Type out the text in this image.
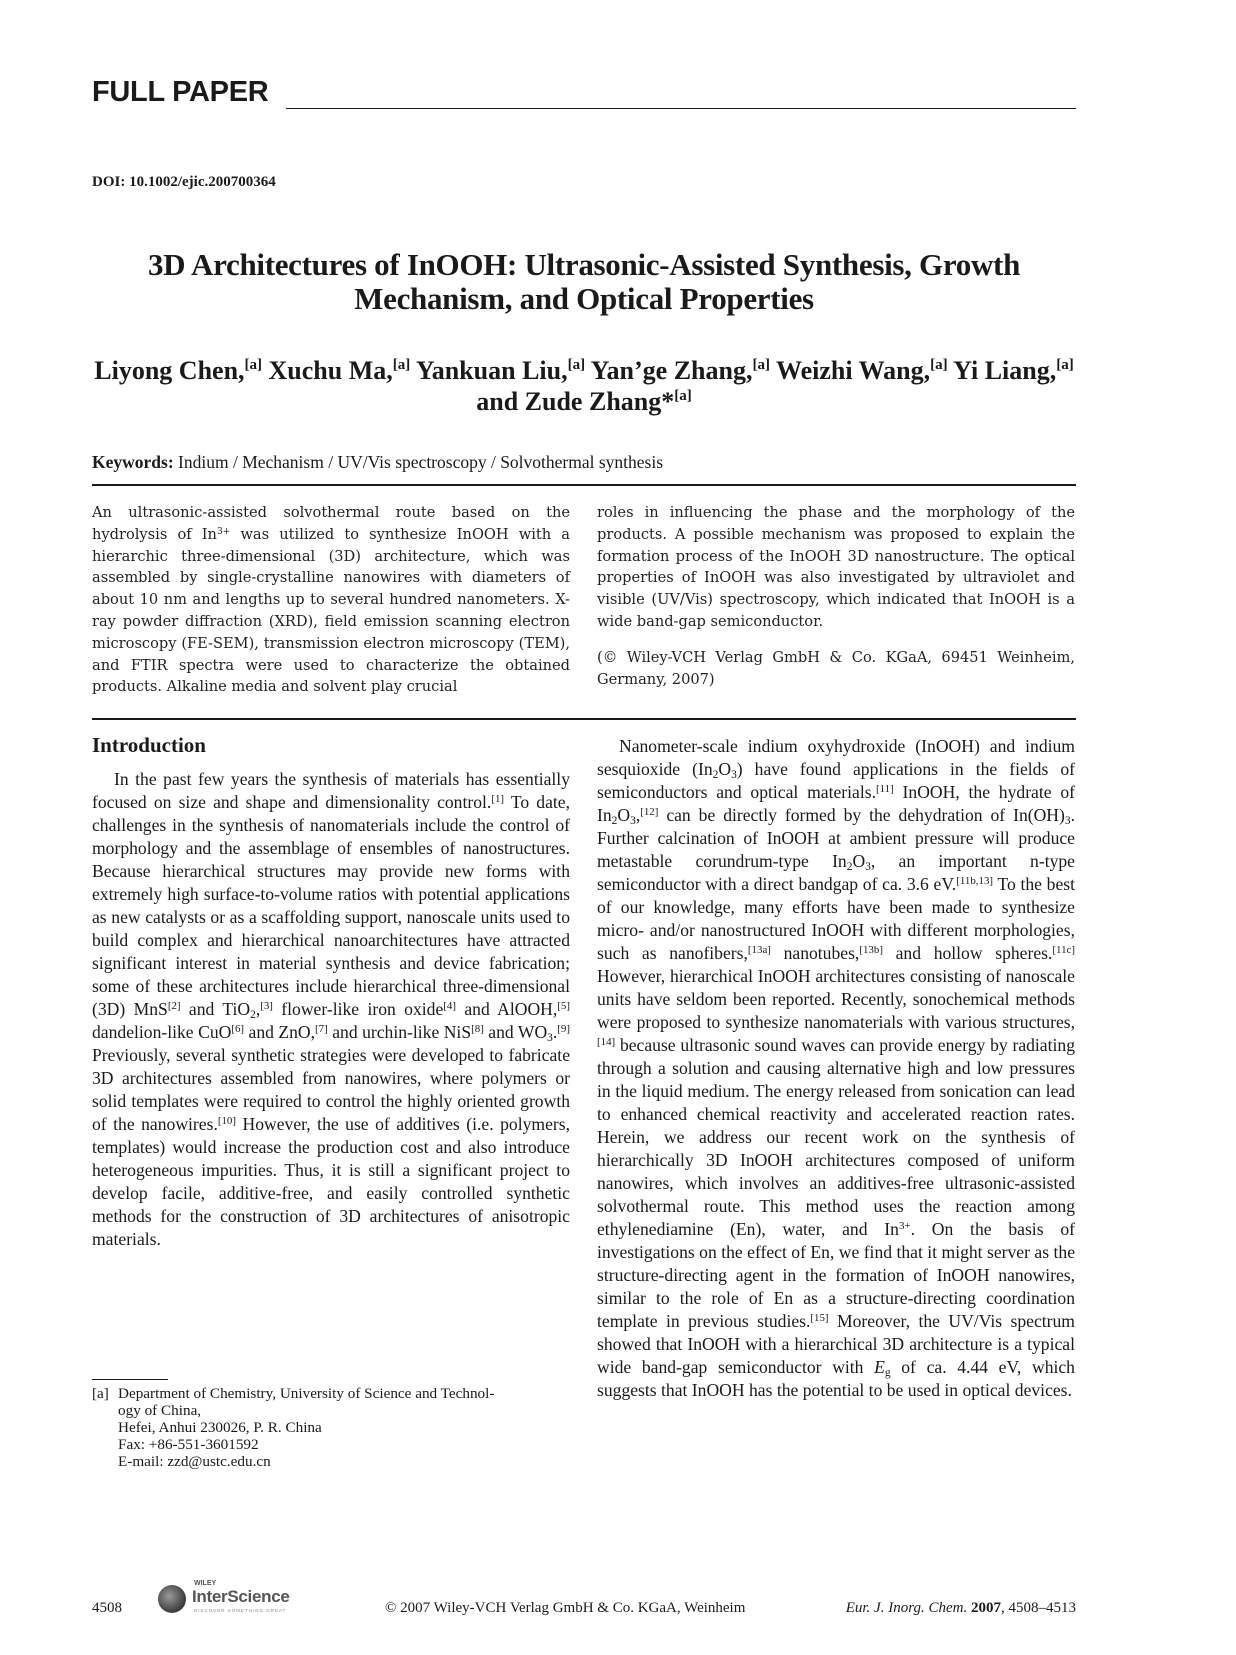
FULL PAPER
DOI: 10.1002/ejic.200700364
3D Architectures of InOOH: Ultrasonic-Assisted Synthesis, Growth
Mechanism, and Optical Properties
Liyong Chen,[a] Xuchu Ma,[a] Yankuan Liu,[a] Yan’ge Zhang,[a] Weizhi Wang,[a] Yi Liang,[a]
and Zude Zhang*[a]
Keywords: Indium / Mechanism / UV/Vis spectroscopy / Solvothermal synthesis

An ultrasonic-assisted solvothermal route based on the hydrolysis of $In^{3+}$ was utilized to synthesize InOOH with a hierarchic three-dimensional (3D) architecture, which was assembled by single-crystalline nanowires with diameters of about 10 nm and lengths up to several hundred nanometers. X-ray powder diffraction (XRD), field emission scanning electron microscopy (FE-SEM), transmission electron microscopy (TEM), and FTIR spectra were used to characterize the obtained products. Alkaline media and solvent play crucial

roles in influencing the phase and the morphology of the products. A possible mechanism was proposed to explain the formation process of the InOOH 3D nanostructure. The optical properties of InOOH was also investigated by ultraviolet and visible (UV/Vis) spectroscopy, which indicated that InOOH is a wide band-gap semiconductor.

(© Wiley-VCH Verlag GmbH & Co. KGaA, 69451 Weinheim, Germany, 2007)

Introduction

In the past few years the synthesis of materials has essentially focused on size and shape and dimensionality control.[1] To date, challenges in the synthesis of nanomaterials include the control of morphology and the assemblage of ensembles of nanostructures. Because hierarchical structures may provide new forms with extremely high surface-to-volume ratios with potential applications as new catalysts or as a scaffolding support, nanoscale units used to build complex and hierarchical nanoarchitectures have attracted significant interest in material synthesis and device fabrication; some of these architectures include hierarchical three-dimensional (3D) MnS[2] and TiO$_2$,[3] flower-like iron oxide[4] and AlOOH,[5] dandelion-like CuO[6] and ZnO,[7] and urchin-like NiS[8] and $WO_3.[9]$ Previously, several synthetic strategies were developed to fabricate 3D architectures assembled from nanowires, where polymers or solid templates were required to control the highly oriented growth of the nanowires.[10] However, the use of additives (i.e. polymers, templates) would increase the production cost and also introduce heterogeneous impurities. Thus, it is still a significant project to develop facile, additive-free, and easily controlled synthetic methods for the construction of 3D architectures of anisotropic materials.

Nanometer-scale indium oxyhydroxide (InOOH) and indium sesquioxide $(In_2O_3)$ have found applications in the fields of semiconductors and optical materials.[11] InOOH, the hydrate of $In_2O_3,[12]$ can be directly formed by the dehydration of $In(OH)_3$. Further calcination of InOOH at ambient pressure will produce metastable corundrum-type $In_2O_3$, an important n-type semiconductor with a direct bandgap of ca. 3.6 eV.[11b,13] To the best of our knowledge, many efforts have been made to synthesize micro- and/or nanostructured InOOH with different morphologies, such as nanofibers,[13a] nanotubes,[13b] and hollow spheres.[11c] However, hierarchical InOOH architectures consisting of nanoscale units have seldom been reported. Recently, sonochemical methods were proposed to synthesize nanomaterials with various structures,[14] because ultrasonic sound waves can provide energy by radiating through a solution and causing alternative high and low pressures in the liquid medium. The energy released from sonication can lead to enhanced chemical reactivity and accelerated reaction rates. Herein, we address our recent work on the synthesis of hierarchically 3D InOOH architectures composed of uniform nanowires, which involves an additives-free ultrasonic-assisted solvothermal route. This method uses the reaction among ethylenediamine (En), water, and $In^{3+}$. On the basis of investigations on the effect of En, we find that it might server as the structure-directing agent in the formation of InOOH nanowires, similar to the role of En as a structure-directing coordination template in previous studies.[15] Moreover, the UV/Vis spectrum showed that InOOH with a hierarchical 3D architecture is a typical wide band-gap semiconductor with $E_g$ of ca. 4.44 eV, which suggests that InOOH has the potential to be used in optical devices.

[a] Department of Chemistry, University of Science and Technol-
ogy of China,
Hefei, Anhui 230026, P. R. China
Fax: +86-551-3601592
E-mail: zzd@ustc.edu.cn
4508
WILEY
InterScience
DISCOVER SOMETHING GREAT	© 2007 Wiley-VCH Verlag GmbH & Co. KGaA, Weinheim	Eur. J. Inorg. Chem. 2007, 4508–4513
